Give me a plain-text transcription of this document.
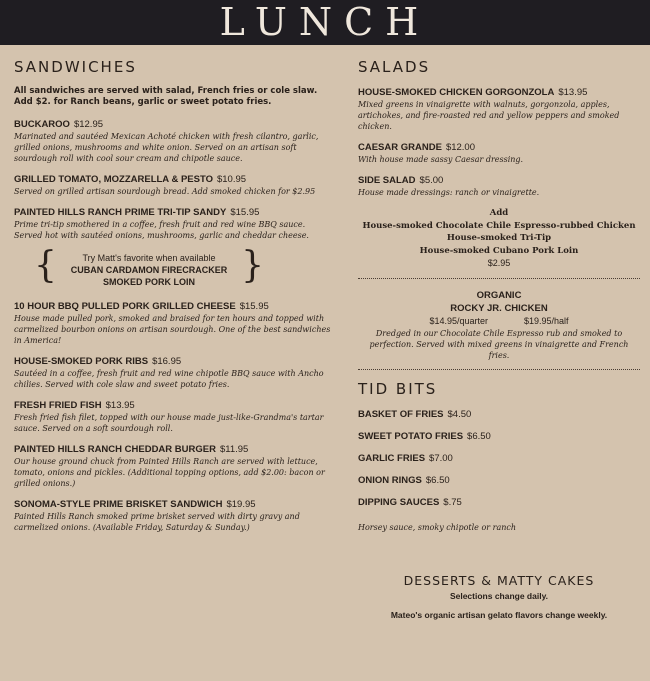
LUNCH
SANDWICHES
All sandwiches are served with salad, French fries or cole slaw. Add $2. for Ranch beans, garlic or sweet potato fries.
BUCKAROO $12.95
Marinated and sautéed Mexican Achoté chicken with fresh cilantro, garlic, grilled onions, mushrooms and white onion. Served on an artisan soft sourdough roll with cool sour cream and chipotle sauce.
GRILLED TOMATO, MOZZARELLA & PESTO $10.95
Served on grilled artisan sourdough bread. Add smoked chicken for $2.95
PAINTED HILLS RANCH PRIME TRI-TIP SANDY $15.95
Prime tri-tip smothered in a coffee, fresh fruit and red wine BBQ sauce. Served hot with sautéed onions, mushrooms, garlic and cheddar cheese.
{	Try Matt's favorite when available
CUBAN CARDAMON FIRECRACKER
SMOKED PORK LOIN	}
10 HOUR BBQ PULLED PORK GRILLED CHEESE $15.95
House made pulled pork, smoked and braised for ten hours and topped with carmelized bourbon onions on artisan sourdough. One of the best sandwiches in America!
HOUSE-SMOKED PORK RIBS $16.95
Sautéed in a coffee, fresh fruit and red wine chipotle BBQ sauce with Ancho chilies. Served with cole slaw and sweet potato fries.
FRESH FRIED FISH $13.95
Fresh fried fish filet, topped with our house made just-like-Grandma's tartar sauce. Served on a soft sourdough roll.
PAINTED HILLS RANCH CHEDDAR BURGER $11.95
Our house ground chuck from Painted Hills Ranch are served with lettuce, tomato, onions and pickles. (Additional topping options, add $2.00: bacon or grilled onions.)
SONOMA-STYLE PRIME BRISKET SANDWICH $19.95
Painted Hills Ranch smoked prime brisket served with dirty gravy and carmelized onions. (Available Friday, Saturday & Sunday.)
SALADS
HOUSE-SMOKED CHICKEN GORGONZOLA $13.95
Mixed greens in vinaigrette with walnuts, gorgonzola, apples, artichokes, and fire-roasted red and yellow peppers and smoked chicken.
CAESAR GRANDE $12.00
With house made sassy Caesar dressing.
SIDE SALAD $5.00
House made dressings: ranch or vinaigrette.
Add
House-smoked Chocolate Chile Espresso-rubbed Chicken
House-smoked Tri-Tip
House-smoked Cubano Pork Loin
$2.95
ORGANIC
ROCKY JR. CHICKEN
$14.95/quarter	$19.95/half
Dredged in our Chocolate Chile Espresso rub and smoked to perfection. Served with mixed greens in vinaigrette and French fries.
TID BITS
BASKET OF FRIES $4.50
SWEET POTATO FRIES $6.50
GARLIC FRIES $7.00
ONION RINGS $6.50
DIPPING SAUCES $.75
Horsey sauce, smoky chipotle or ranch
DESSERTS & MATTY CAKES
Selections change daily.
Mateo's organic artisan gelato flavors change weekly.
